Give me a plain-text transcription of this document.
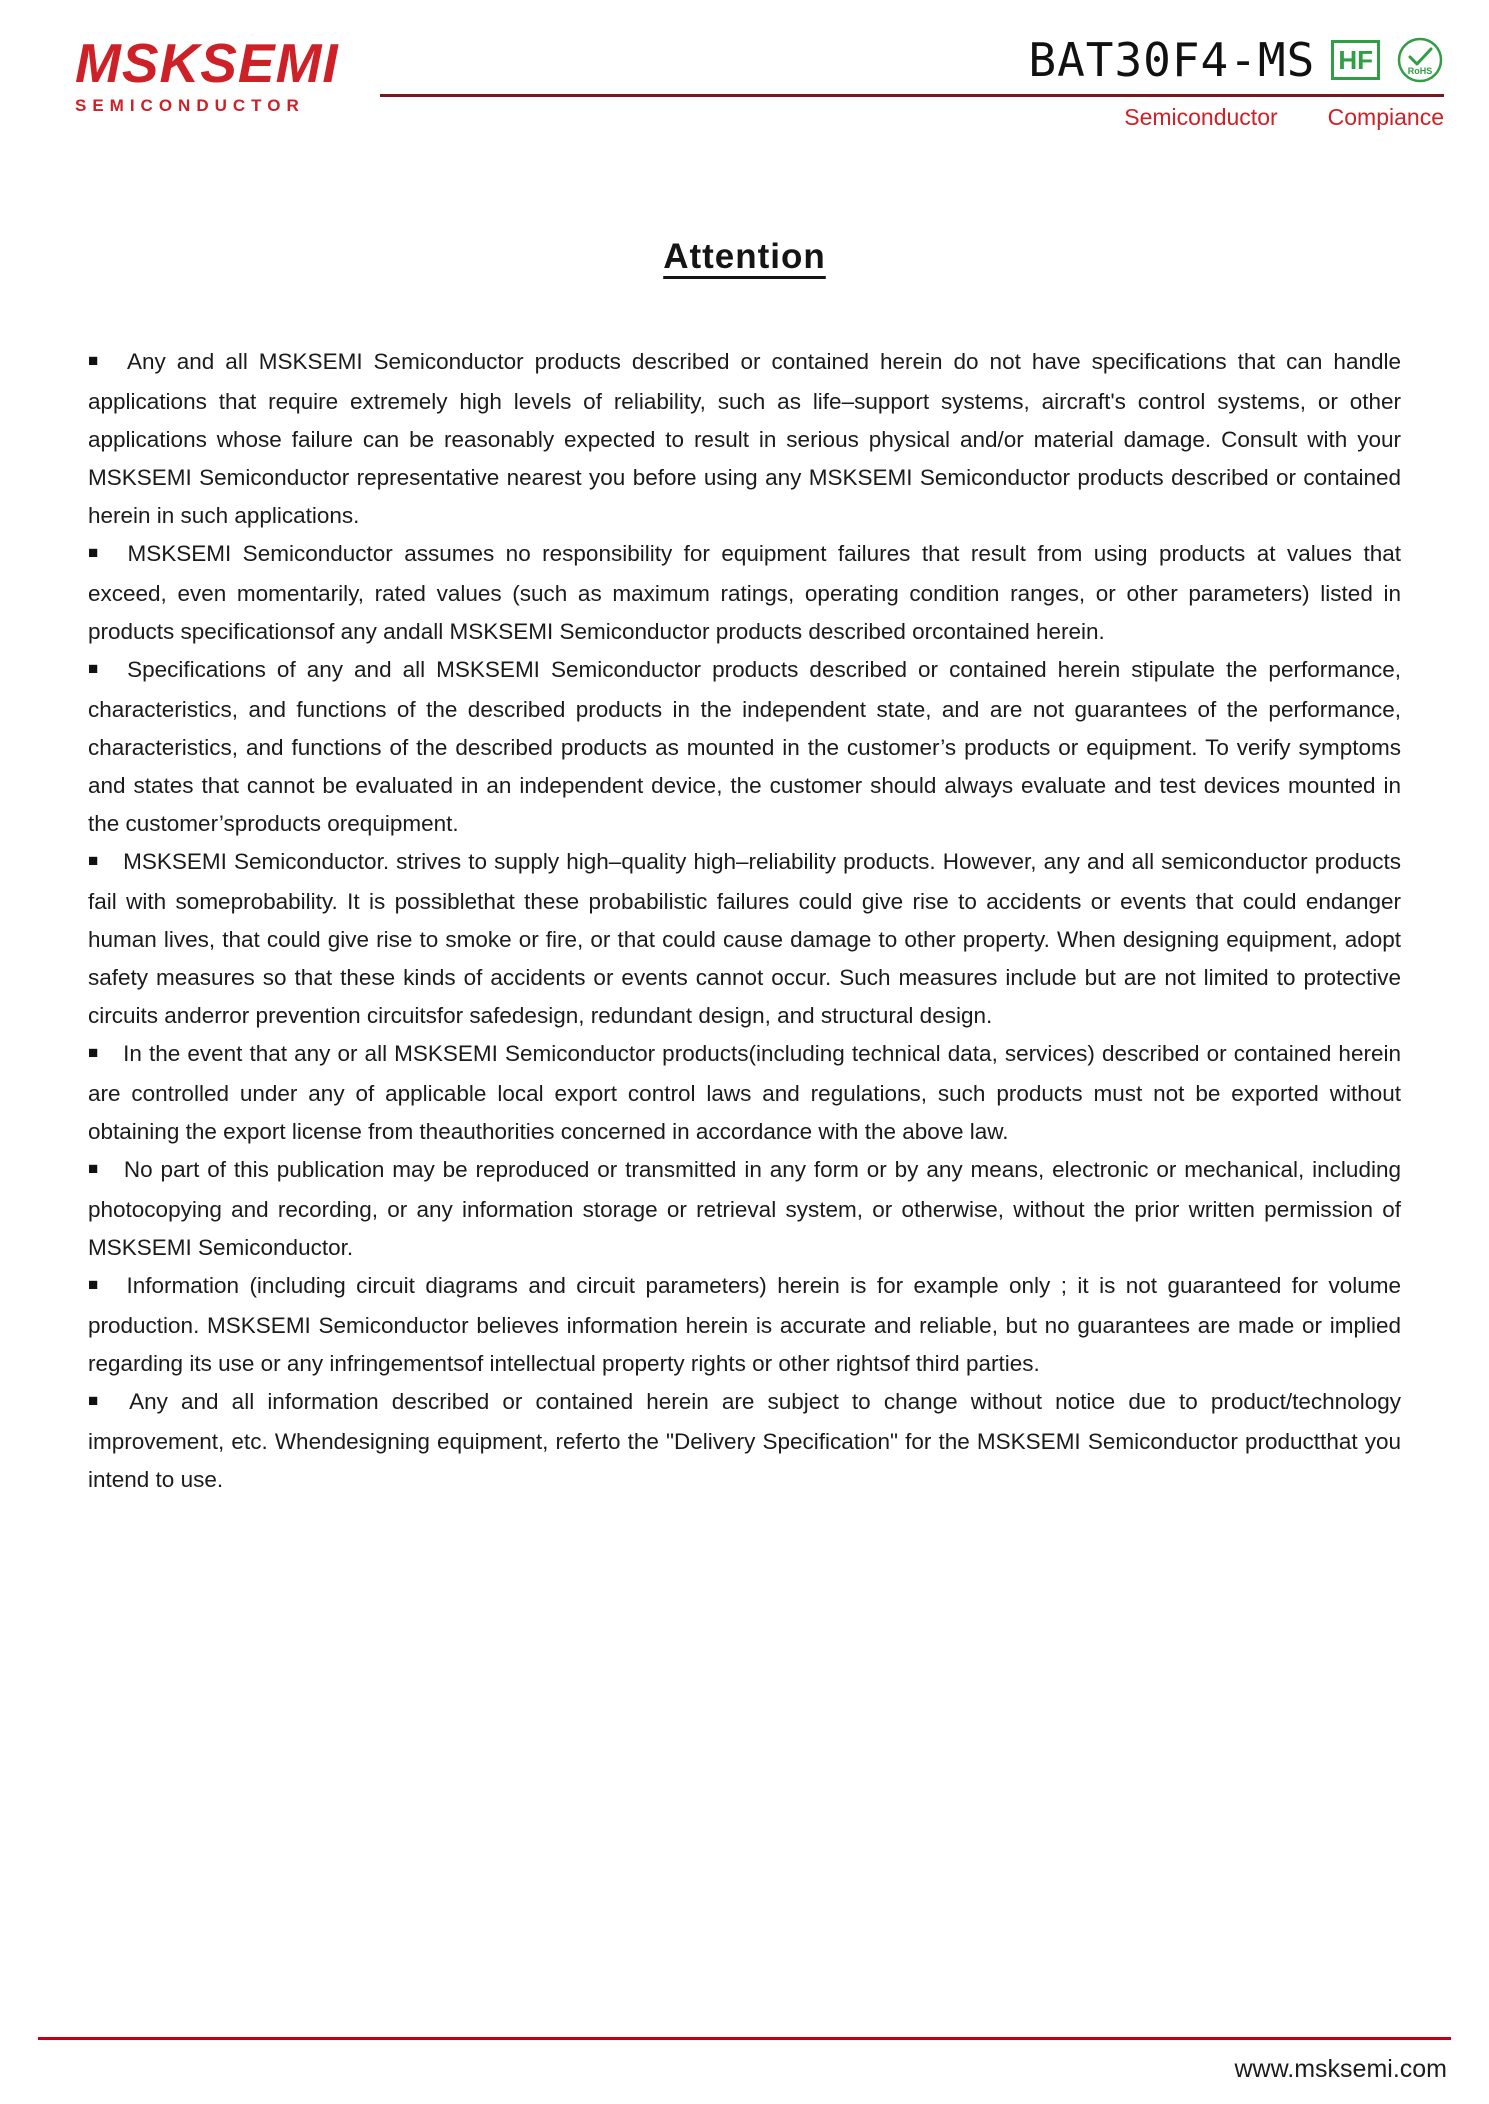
MSKSEMI
SEMICONDUCTOR
BAT30F4-MS HF	RoHS
Semiconductor Compiance
Attention

■ Any and all MSKSEMI Semiconductor products described or contained herein do not have specifications that can handle applications that require extremely high levels of reliability, such as life–support systems, aircraft's control systems, or other applications whose failure can be reasonably expected to result in serious physical and/or material damage. Consult with your MSKSEMI Semiconductor representative nearest you before using any MSKSEMI Semiconductor products described or contained herein in such applications.

■ MSKSEMI Semiconductor assumes no responsibility for equipment failures that result from using products at values that exceed, even momentarily, rated values (such as maximum ratings, operating condition ranges, or other parameters) listed in products specificationsof any andall MSKSEMI Semiconductor products described orcontained herein.

■ Specifications of any and all MSKSEMI Semiconductor products described or contained herein stipulate the performance, characteristics, and functions of the described products in the independent state, and are not guarantees of the performance, characteristics, and functions of the described products as mounted in the customer’s products or equipment. To verify symptoms and states that cannot be evaluated in an independent device, the customer should always evaluate and test devices mounted in the customer’sproducts orequipment.

■ MSKSEMI Semiconductor. strives to supply high–quality high–reliability products. However, any and all semiconductor products fail with someprobability. It is possiblethat these probabilistic failures could give rise to accidents or events that could endanger human lives, that could give rise to smoke or fire, or that could cause damage to other property. When designing equipment, adopt safety measures so that these kinds of accidents or events cannot occur. Such measures include but are not limited to protective circuits anderror prevention circuitsfor safedesign, redundant design, and structural design.

■ In the event that any or all MSKSEMI Semiconductor products(including technical data, services) described or contained herein are controlled under any of applicable local export control laws and regulations, such products must not be exported without obtaining the export license from theauthorities concerned in accordance with the above law.

■ No part of this publication may be reproduced or transmitted in any form or by any means, electronic or mechanical, including photocopying and recording, or any information storage or retrieval system, or otherwise, without the prior written permission of MSKSEMI Semiconductor.

■ Information (including circuit diagrams and circuit parameters) herein is for example only ; it is not guaranteed for volume production. MSKSEMI Semiconductor believes information herein is accurate and reliable, but no guarantees are made or implied regarding its use or any infringementsof intellectual property rights or other rightsof third parties.

■ Any and all information described or contained herein are subject to change without notice due to product/technology improvement, etc. Whendesigning equipment, referto the "Delivery Specification" for the MSKSEMI Semiconductor productthat you intend to use.

www.msksemi.com
